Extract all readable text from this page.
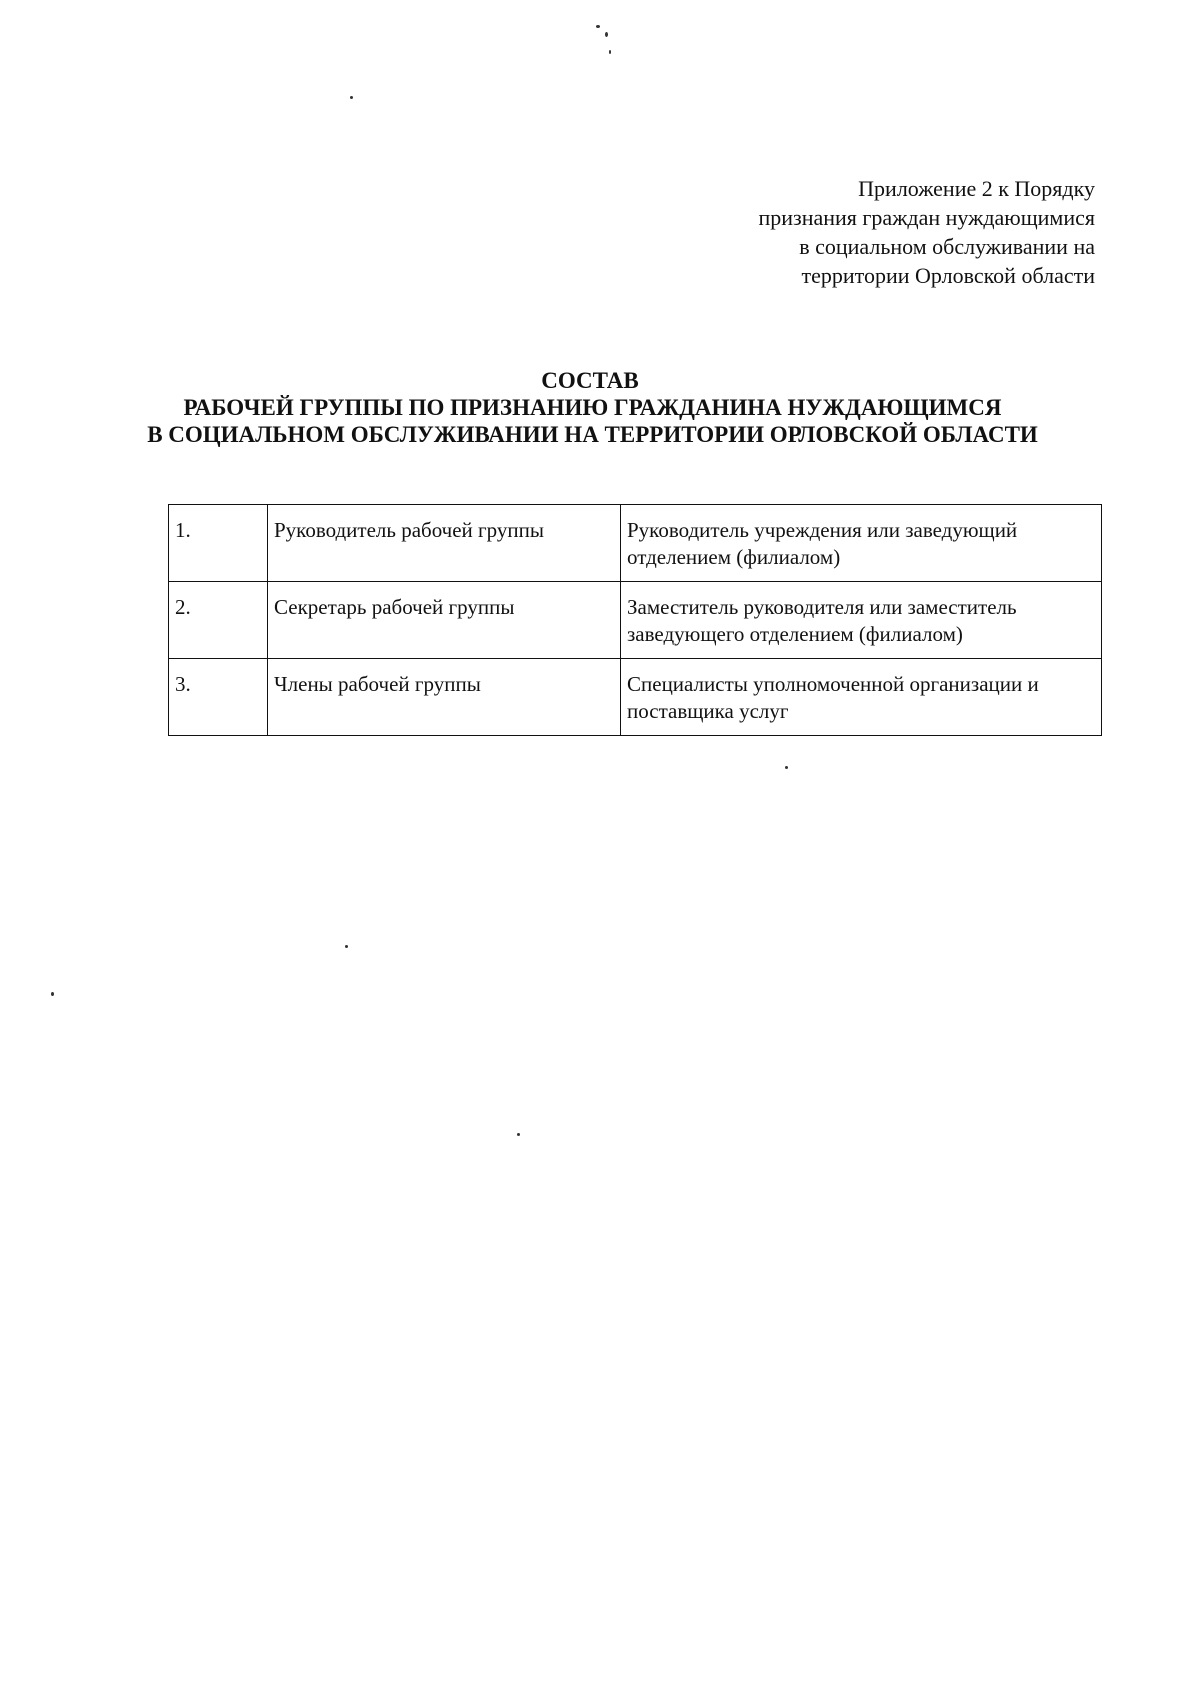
Приложение 2 к Порядку
признания граждан нуждающимися
в социальном обслуживании на
территории Орловской области
СОСТАВ
РАБОЧЕЙ ГРУППЫ ПО ПРИЗНАНИЮ ГРАЖДАНИНА НУЖДАЮЩИМСЯ
В СОЦИАЛЬНОМ ОБСЛУЖИВАНИИ НА ТЕРРИТОРИИ ОРЛОВСКОЙ ОБЛАСТИ
1.	Руководитель рабочей группы	Руководитель учреждения или заведующий отделением (филиалом)
2.	Секретарь рабочей группы	Заместитель руководителя или заместитель заведующего отделением (филиалом)
3.	Члены рабочей группы	Специалисты уполномоченной организации и поставщика услуг
